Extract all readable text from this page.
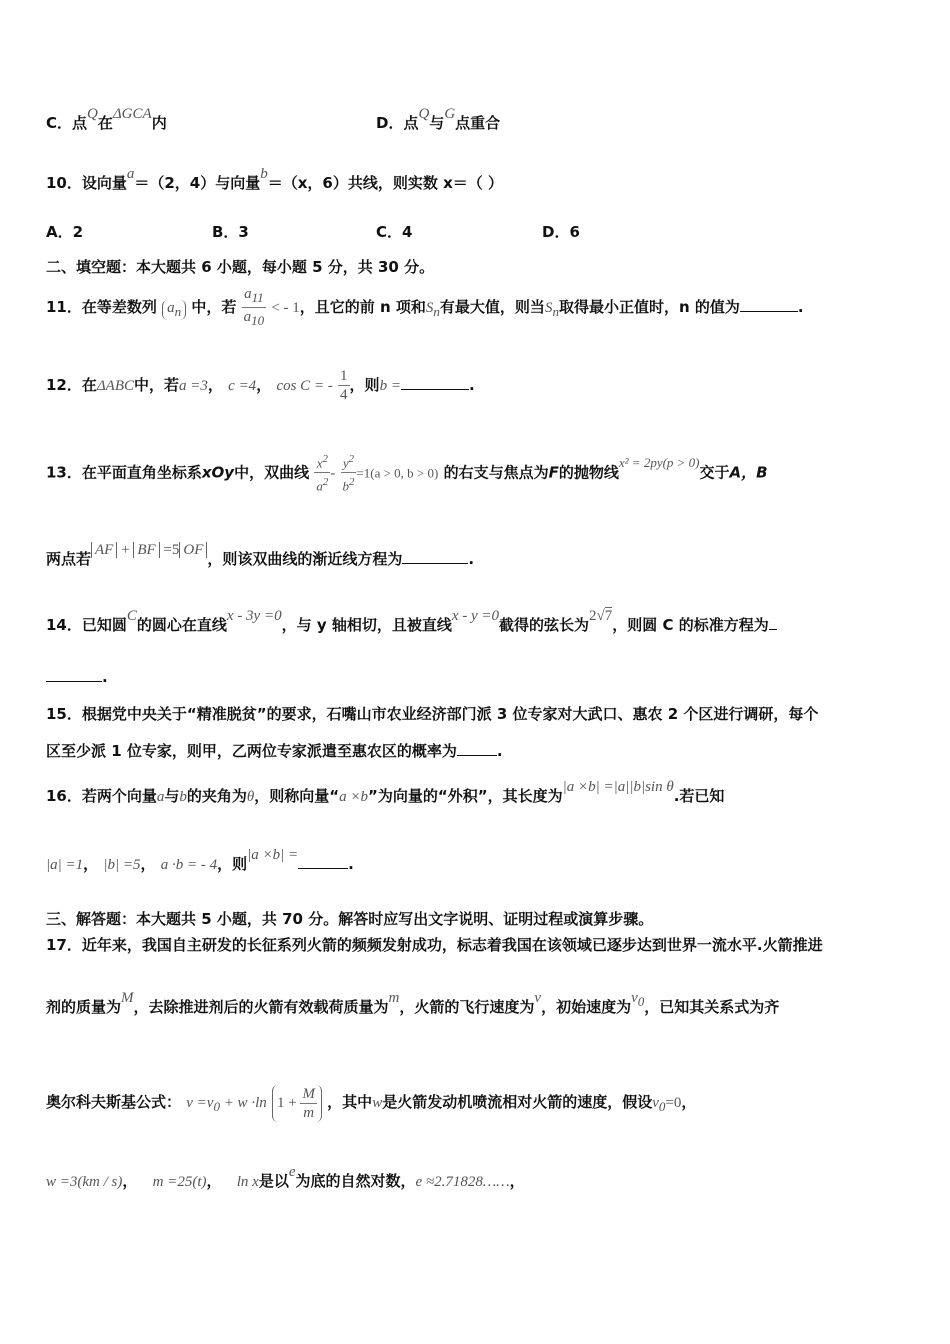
C．点Q在ΔGCA内	D．点Q与G点重合
10．设向量a＝（2，4）与向量b＝（x，6）共线，则实数 x＝（ ）
A．2	B．3	C．4	D．6
二、填空题：本大题共 6 小题，每小题 5 分，共 30 分。
11．在等差数列 $a_n$ 中，若 $\frac{a_{11}}{a_{10}}$ < - 1，且它的前 n 项和$S_n$有最大值，则当$S_n$取得最小正值时，n 的值为	.
12．在ΔABC中，若a =3， c =4， cos C = - $\frac{1}{4}$ ，则b =	.
13．在平面直角坐标系xOy中，双曲线 $\frac{x^2}{a^2} - \frac{y^2}{b^2} =1(a > 0$, b > 0) 的右支与焦点为F的抛物线x² = 2py(p > 0)交于A，B
两点若 AF + BF =5 OF ，则该双曲线的渐近线方程为	.
14．已知圆C的圆心在直线x - 3y =0，与 y 轴相切，且被直线x - y =0截得的弦长为2√7，则圆 C 的标准方程为
.
15．根据党中央关于“精准脱贫”的要求，石嘴山市农业经济部门派 3 位专家对大武口、惠农 2 个区进行调研，每个
区至少派 1 位专家，则甲，乙两位专家派遣至惠农区的概率为	.
16．若两个向量a与b的夹角为θ，则称向量“a ×b”为向量的“外积”，其长度为|a ×b| =|a||b|sin θ.若已知
|a| =1， |b| =5， a ·b = - 4，则|a ×b| =	.
三、解答题：本大题共 5 小题，共 70 分。解答时应写出文字说明、证明过程或演算步骤。
17．近年来，我国自主研发的长征系列火箭的频频发射成功，标志着我国在该领域已逐步达到世界一流水平.火箭推进
剂的质量为M，去除推进剂后的火箭有效载荷质量为m，火箭的飞行速度为v，初始速度为$v_0$，已知其关系式为齐
奥尔科夫斯基公式： $v =v_0 + w \cdot\ln$ $1 + \frac{M}{m}$ ，其中w是火箭发动机喷流相对火箭的速度，假设$v_0=0$，
w =3(km / s)， m =25(t)， ln x是以e为底的自然对数，e ≈2.71828……，
